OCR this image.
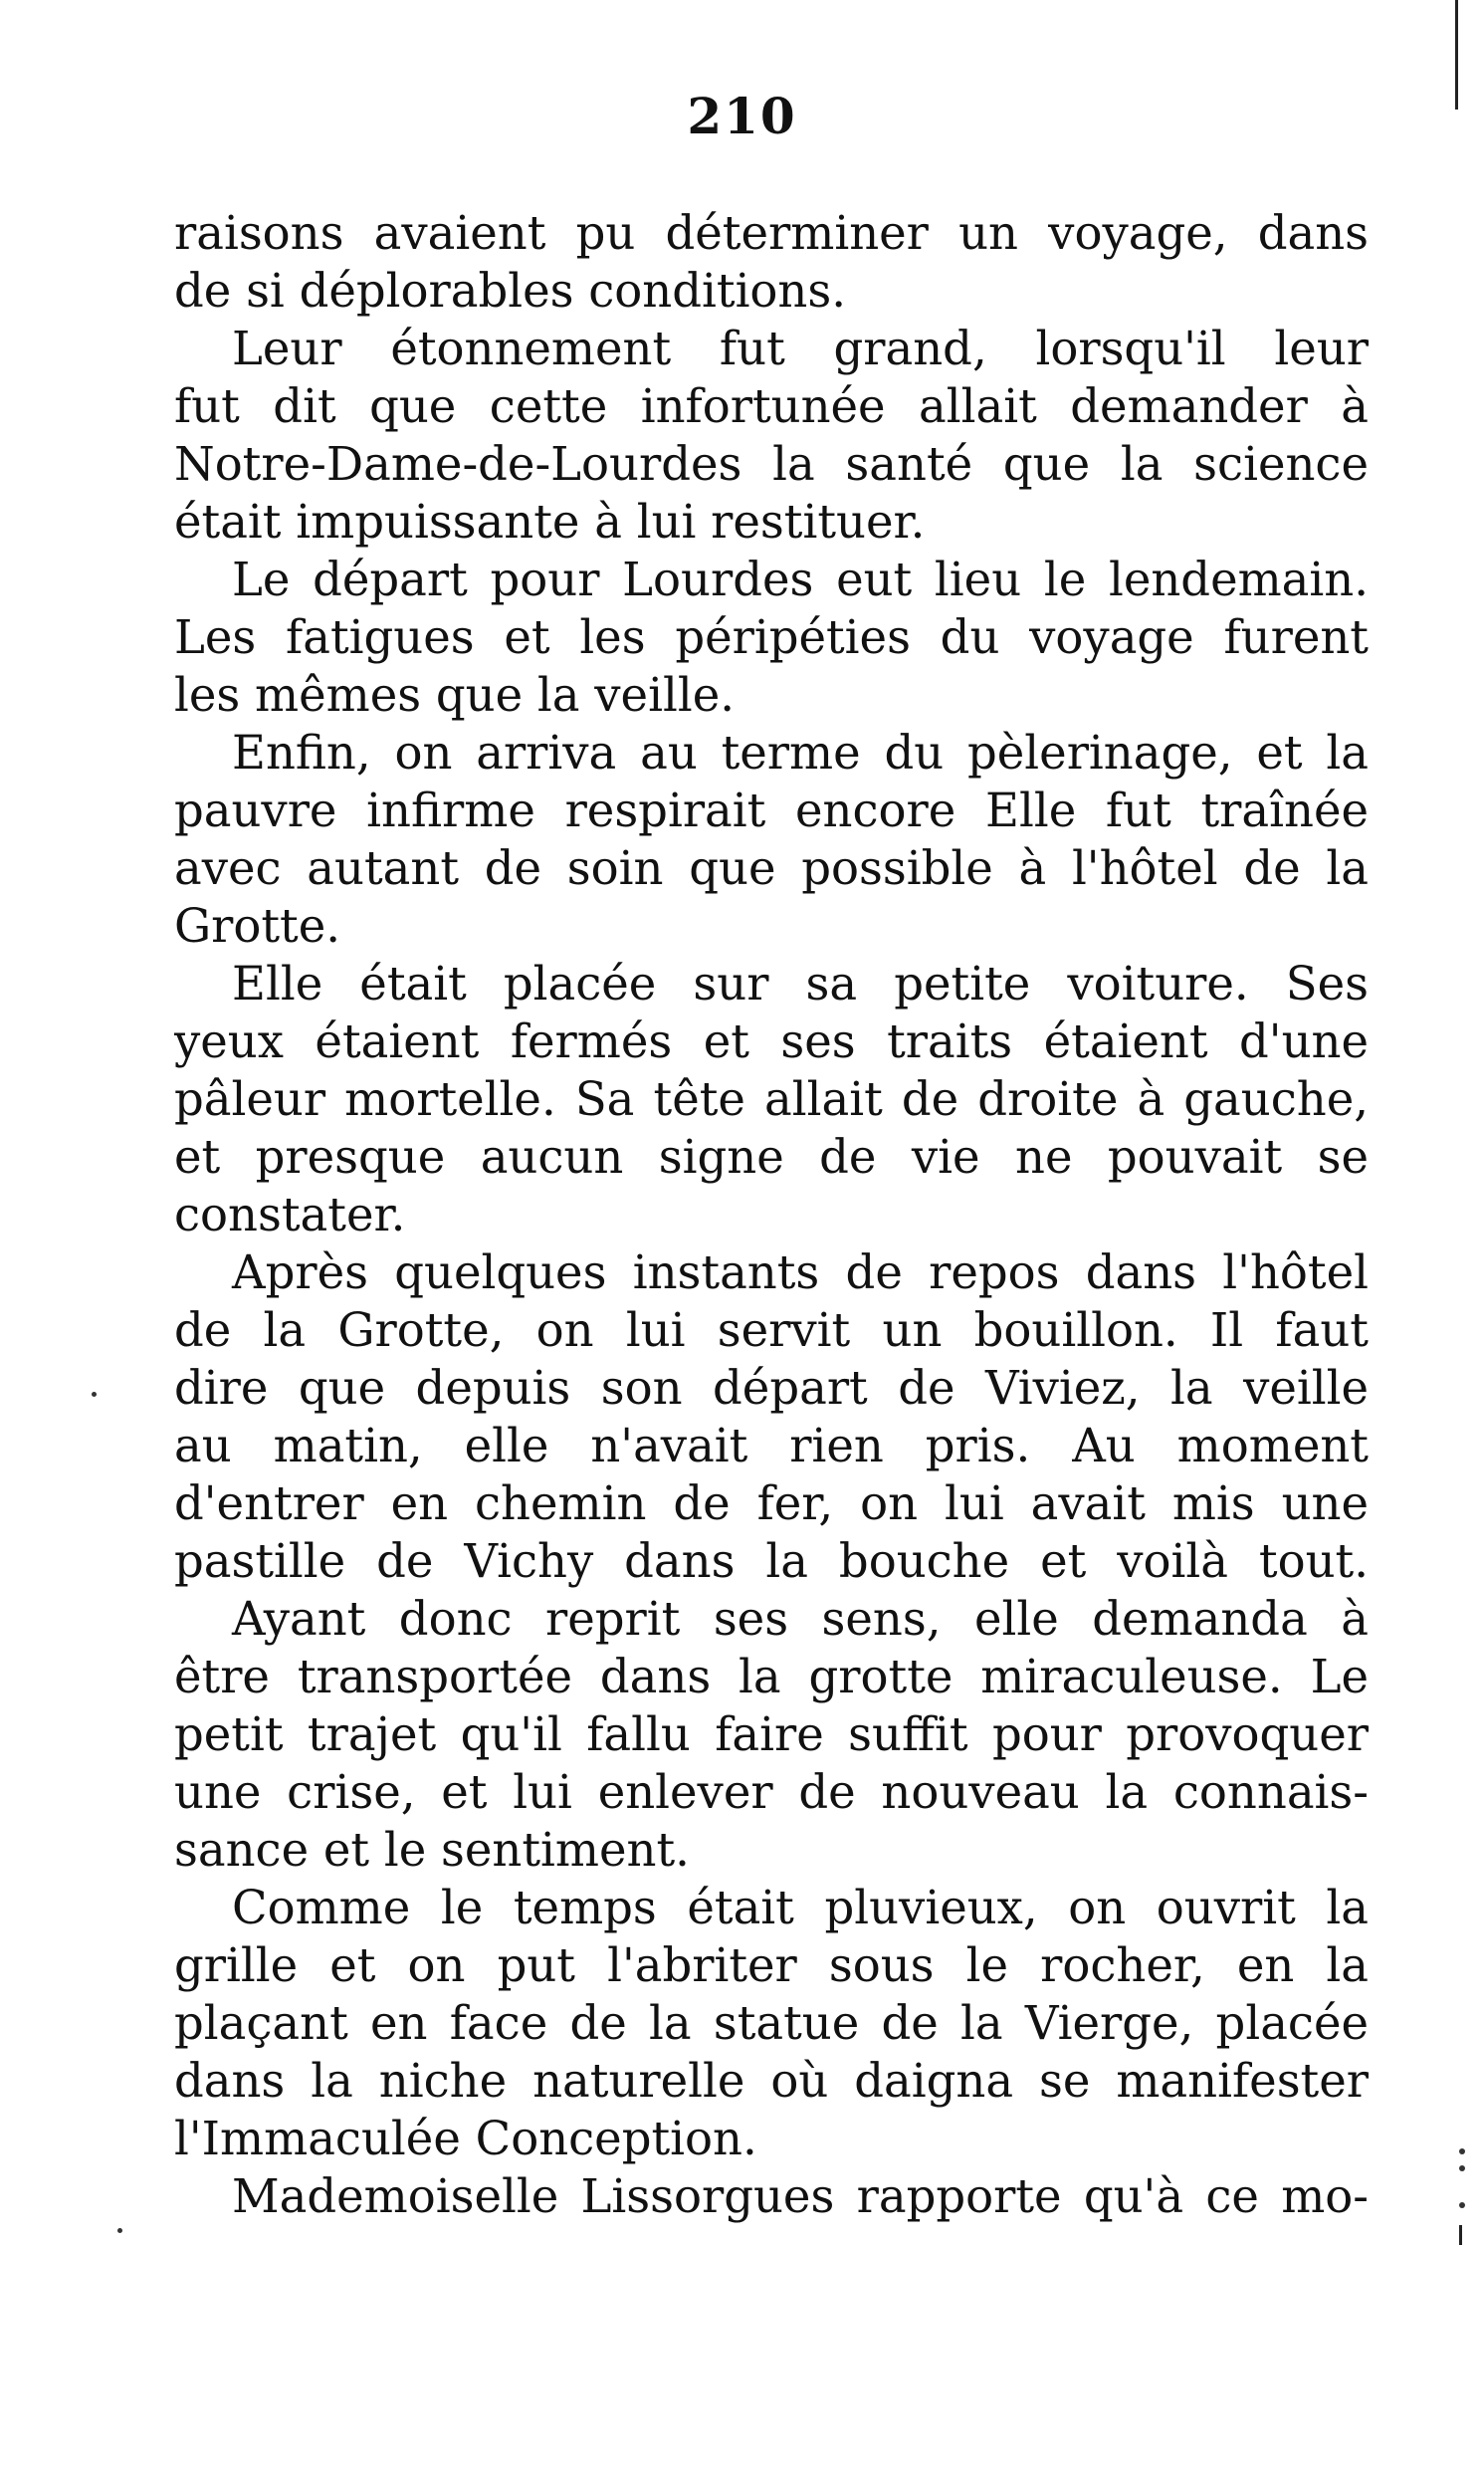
210
raisons avaient pu déterminer un voyage, dans
de si déplorables conditions.
Leur étonnement fut grand, lorsqu'il leur
fut dit que cette infortunée allait demander à
Notre-Dame-de-Lourdes la santé que la science
était impuissante à lui restituer.
Le départ pour Lourdes eut lieu le lendemain.
Les fatigues et les péripéties du voyage furent
les mêmes que la veille.
Enfin, on arriva au terme du pèlerinage, et la
pauvre infirme respirait encore Elle fut traînée
avec autant de soin que possible à l'hôtel de la
Grotte.
Elle était placée sur sa petite voiture. Ses
yeux étaient fermés et ses traits étaient d'une
pâleur mortelle. Sa tête allait de droite à gauche,
et presque aucun signe de vie ne pouvait se
constater.
Après quelques instants de repos dans l'hôtel
de la Grotte, on lui servit un bouillon. Il faut
dire que depuis son départ de Viviez, la veille
au matin, elle n'avait rien pris. Au moment
d'entrer en chemin de fer, on lui avait mis une
pastille de Vichy dans la bouche et voilà tout.
Ayant donc reprit ses sens, elle demanda à
être transportée dans la grotte miraculeuse. Le
petit trajet qu'il fallu faire suffit pour provoquer
une crise, et lui enlever de nouveau la connais-
sance et le sentiment.
Comme le temps était pluvieux, on ouvrit la
grille et on put l'abriter sous le rocher, en la
plaçant en face de la statue de la Vierge, placée
dans la niche naturelle où daigna se manifester
l'Immaculée Conception.
Mademoiselle Lissorgues rapporte qu'à ce mo-
